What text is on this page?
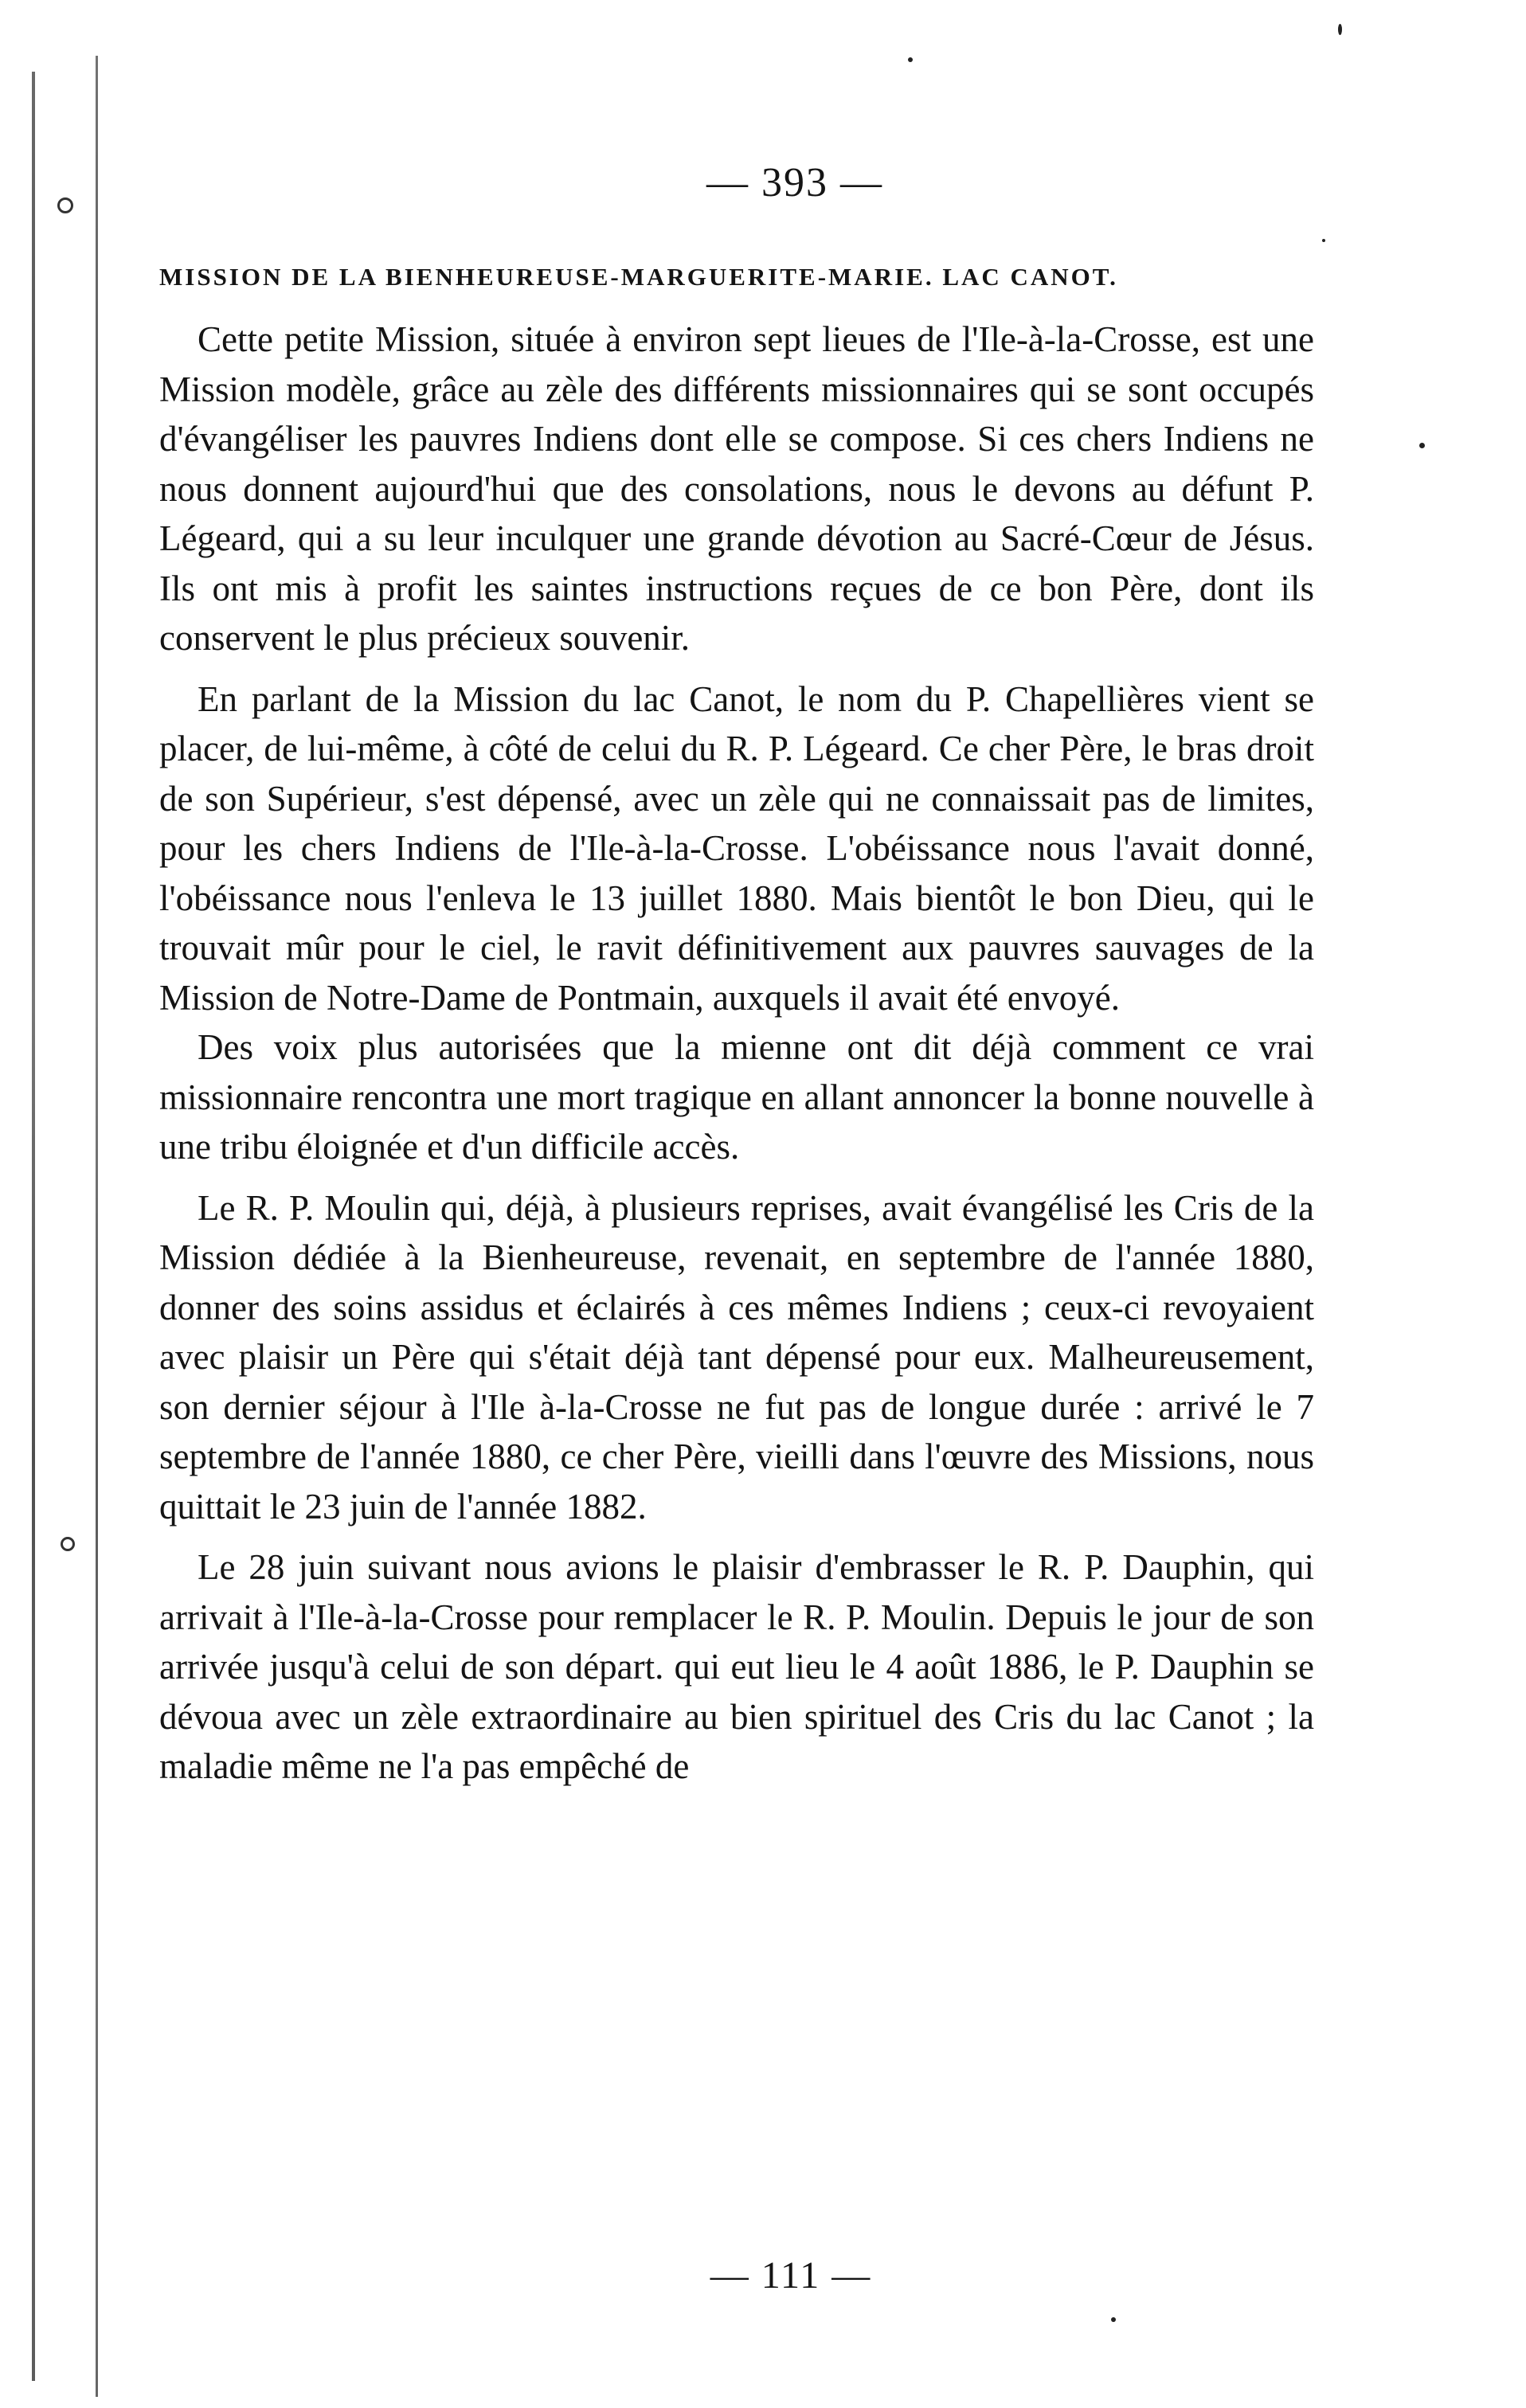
— 393 —
MISSION DE LA BIENHEUREUSE-MARGUERITE-MARIE. LAC CANOT.

Cette petite Mission, située à environ sept lieues de l'Ile-à-la-Crosse, est une Mission modèle, grâce au zèle des différents missionnaires qui se sont occupés d'évangéliser les pauvres Indiens dont elle se compose. Si ces chers Indiens ne nous donnent aujourd'hui que des consolations, nous le devons au défunt P. Légeard, qui a su leur inculquer une grande dévotion au Sacré-Cœur de Jésus. Ils ont mis à profit les saintes instructions reçues de ce bon Père, dont ils conservent le plus précieux souvenir.

En parlant de la Mission du lac Canot, le nom du P. Chapellières vient se placer, de lui-même, à côté de celui du R. P. Légeard. Ce cher Père, le bras droit de son Supérieur, s'est dépensé, avec un zèle qui ne connaissait pas de limites, pour les chers Indiens de l'Ile-à-la-Crosse. L'obéissance nous l'avait donné, l'obéissance nous l'enleva le 13 juillet 1880. Mais bientôt le bon Dieu, qui le trouvait mûr pour le ciel, le ravit définitivement aux pauvres sauvages de la Mission de Notre-Dame de Pontmain, auxquels il avait été envoyé.

Des voix plus autorisées que la mienne ont dit déjà comment ce vrai missionnaire rencontra une mort tragique en allant annoncer la bonne nouvelle à une tribu éloignée et d'un difficile accès.

Le R. P. Moulin qui, déjà, à plusieurs reprises, avait évangélisé les Cris de la Mission dédiée à la Bienheureuse, revenait, en septembre de l'année 1880, donner des soins assidus et éclairés à ces mêmes Indiens ; ceux-ci revoyaient avec plaisir un Père qui s'était déjà tant dépensé pour eux. Malheureusement, son dernier séjour à l'Ile à-la-Crosse ne fut pas de longue durée : arrivé le 7 septembre de l'année 1880, ce cher Père, vieilli dans l'œuvre des Missions, nous quittait le 23 juin de l'année 1882.

Le 28 juin suivant nous avions le plaisir d'embrasser le R. P. Dauphin, qui arrivait à l'Ile-à-la-Crosse pour remplacer le R. P. Moulin. Depuis le jour de son arrivée jusqu'à celui de son départ. qui eut lieu le 4 août 1886, le P. Dauphin se dévoua avec un zèle extraordinaire au bien spirituel des Cris du lac Canot ; la maladie même ne l'a pas empêché de

— 111 —
